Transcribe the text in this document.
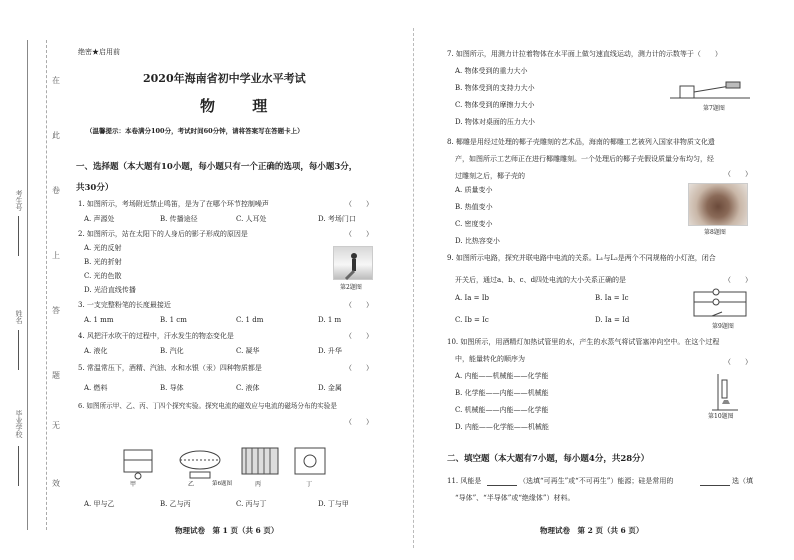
在
此
卷
上
答
题
无
效
考生号
姓名
毕业学校
绝密★启用前
2020年海南省初中学业水平考试
物 理
（温馨提示：本卷满分100分，考试时间60分钟，请将答案写在答题卡上）
一、选择题（本大题有10小题，每小题只有一个正确的选项，每小题3分，
共30分）
1. 如图所示，考场附近禁止鸣笛，是为了在哪个环节控制噪声	（　　）
A. 声源处	B. 传播途径	C. 人耳处	D. 考场门口
2. 如图所示，站在太阳下的人身后的影子形成的原因是	（　　）
A. 光的反射
B. 光的折射
C. 光的色散
D. 光沿直线传播	第2题图
3. 一支完整粉笔的长度最接近	（　　）
A. 1 mm	B. 1 cm	C. 1 dm	D. 1 m
4. 风把汗水吹干的过程中，汗水发生的物态变化是	（　　）
A. 液化	B. 汽化	C. 凝华	D. 升华
5. 常温常压下，酒精、汽油、水和水银（汞）四种物质都是	（　　）
A. 燃料	B. 导体	C. 液体	D. 金属
6. 如图所示甲、乙、丙、丁四个探究实验。探究电流的磁效应与电流的磁场分布的实验是
（　　）
甲	乙	丙	丁
第6题图
A. 甲与乙	B. 乙与丙	C. 丙与丁	D. 丁与甲
物理试卷　第 1 页（共 6 页）
7. 如图所示，用测力计拉着物体在水平面上做匀速直线运动，测力计的示数等于（　　）
A. 物体受到的重力大小
B. 物体受到的支持力大小
C. 物体受到的摩擦力大小
D. 物体对桌面的压力大小
第7题图
8. 椰雕是用经过处理的椰子壳雕刻的艺术品，海南的椰雕工艺被列入国家非物质文化遗
产，如图所示工艺师正在进行椰雕雕刻。一个处理后的椰子壳假设质量分布均匀，经
过雕刻之后，椰子壳的	（　　）
A. 质量变小
B. 热值变小
C. 密度变小
D. 比热容变小
第8题图
9. 如图所示电路，探究并联电路中电流的关系。L₁与L₂是两个不同规格的小灯泡，闭合
开关后，通过a、b、c、d四处电流的大小关系正确的是	（　　）
A. Ia = Ib	B. Ia = Ic
C. Ib = Ic	D. Ia = Id
第9题图
10. 如图所示，用酒精灯加热试管里的水，产生的水蒸气将试管塞冲向空中。在这个过程
中，能量转化的顺序为	（　　）
A. 内能——机械能——化学能
B. 化学能——内能——机械能
C. 机械能——内能——化学能
D. 内能——化学能——机械能
第10题图
二、填空题（本大题有7小题，每小题4分，共28分）
11. 风能是	（选填“可再生”或“不可再生”）能源；硅是常用的	选（填
“导体”、“半导体”或“绝缘体”）材料。
物理试卷　第 2 页（共 6 页）
